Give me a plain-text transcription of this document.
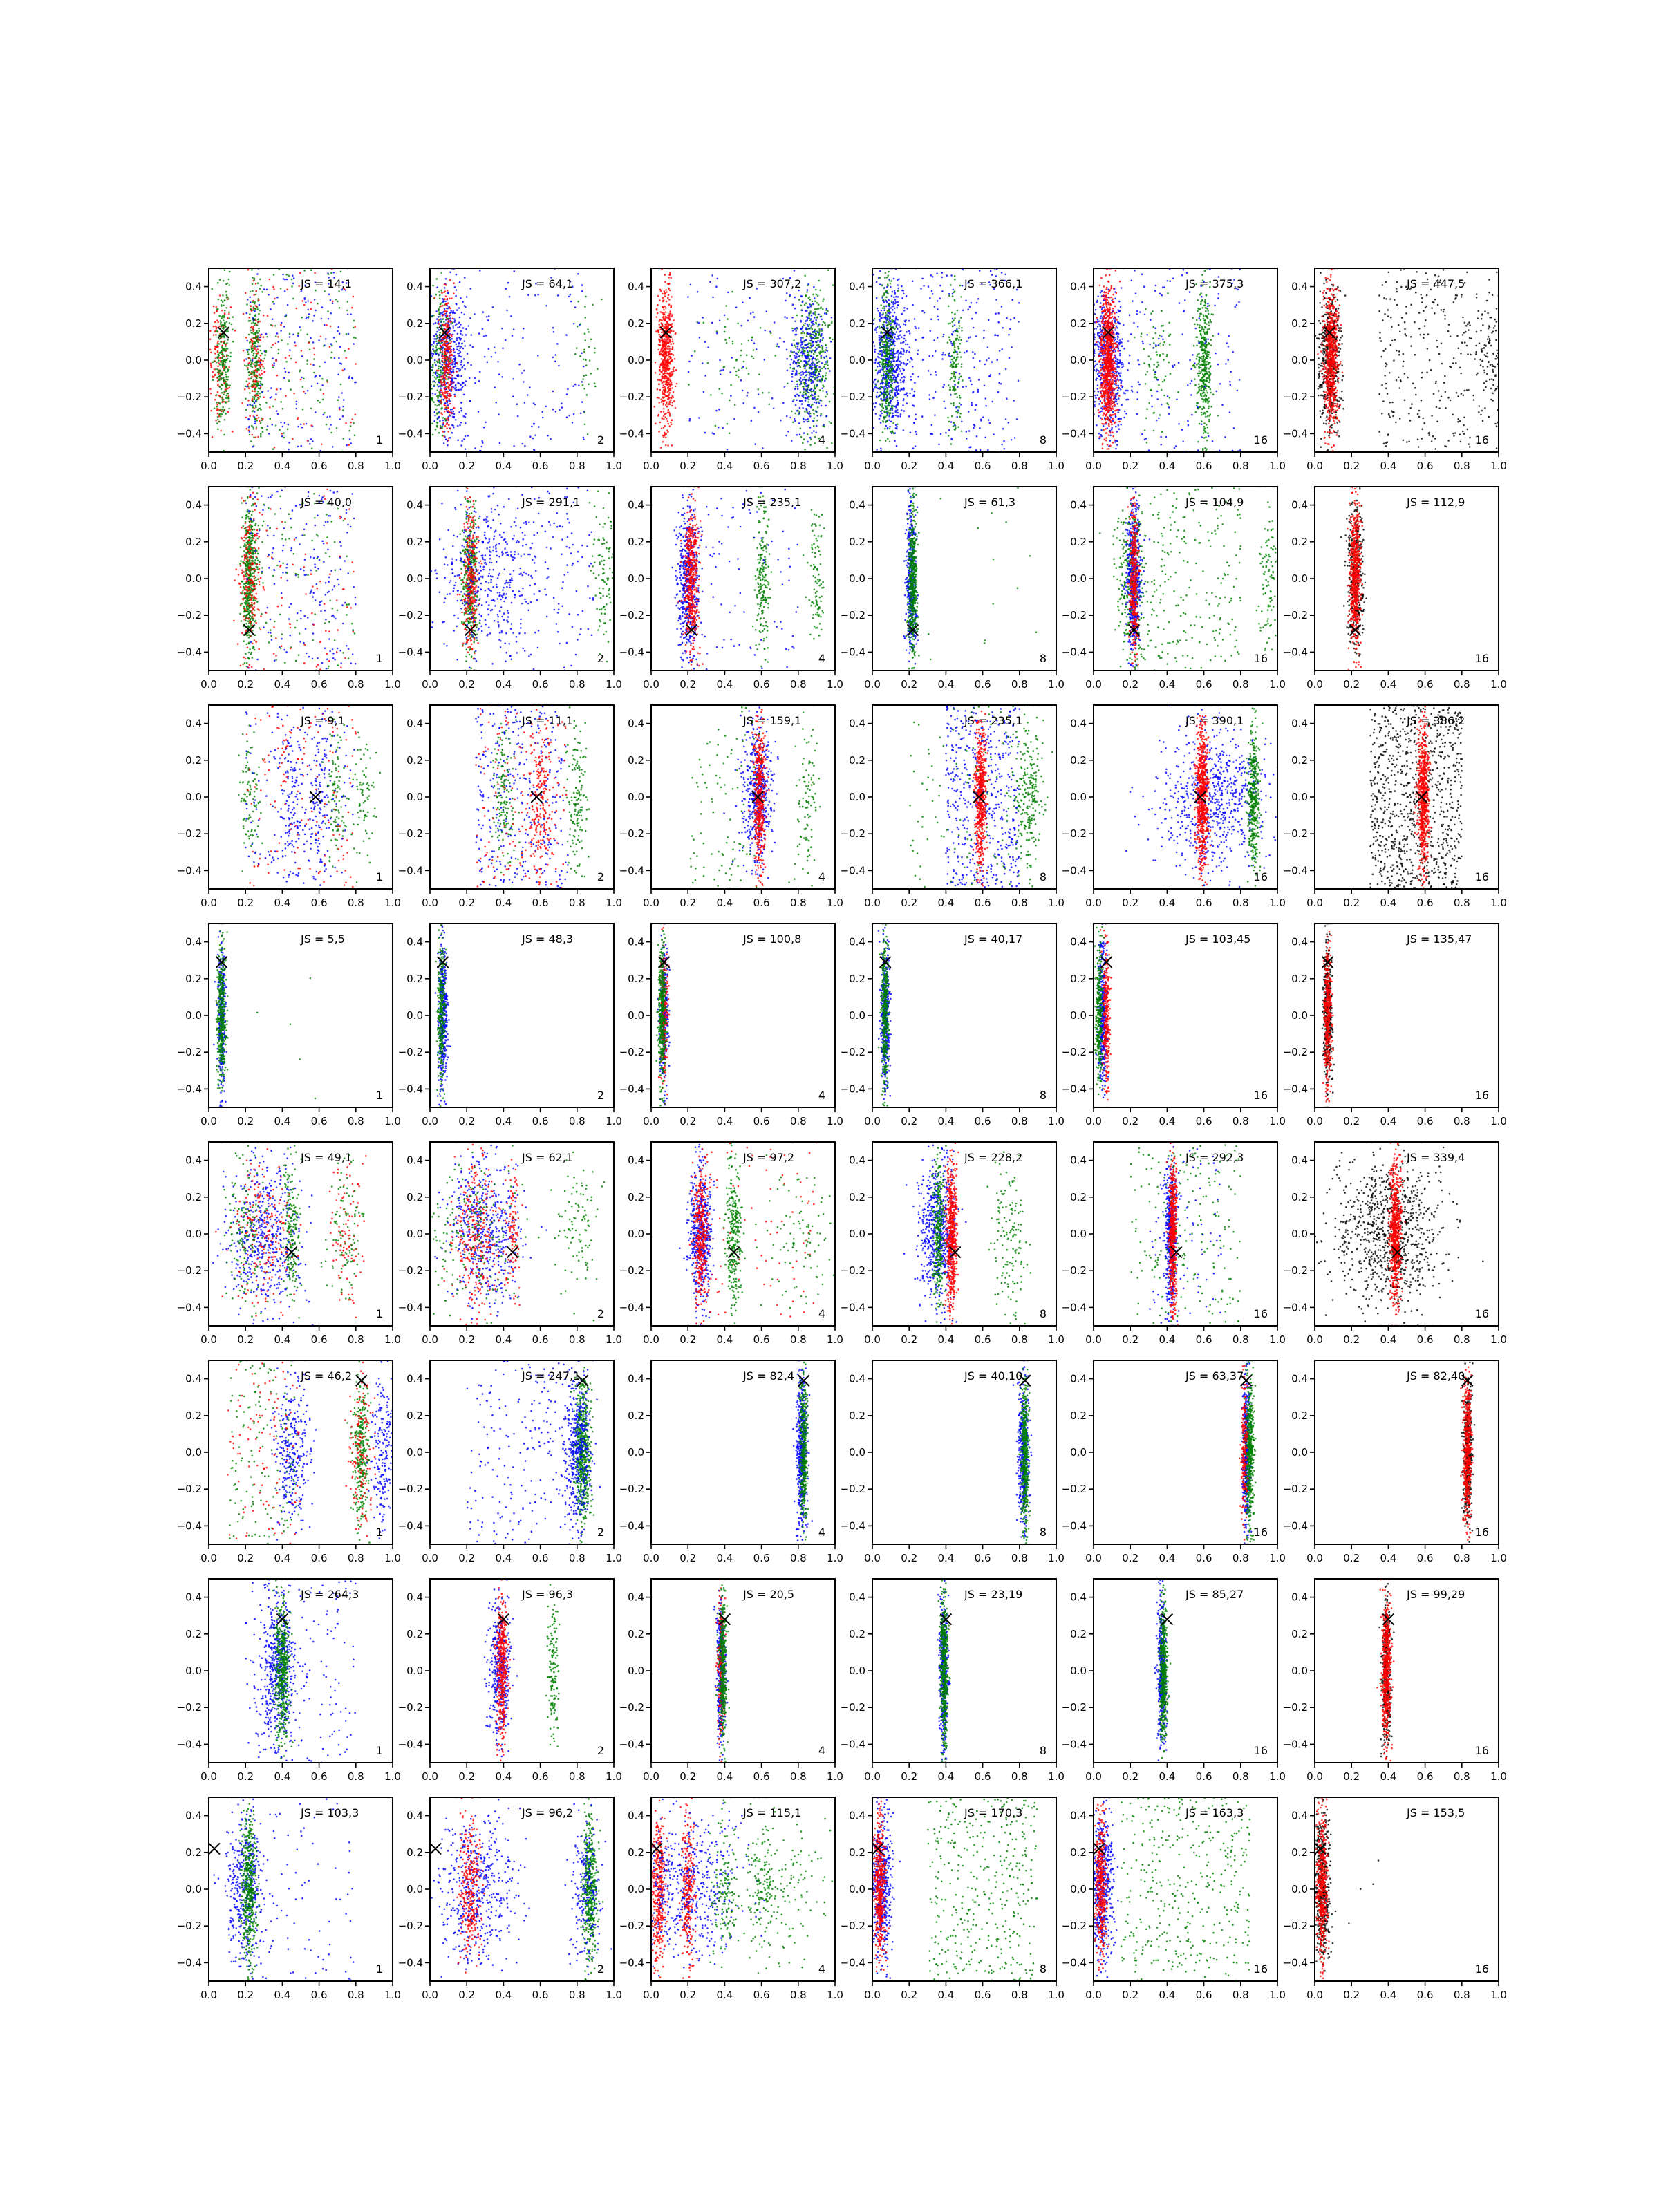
0.0 0.2 0.4 0.6 0.8 1.0
−0.4
−0.2
0.0
0.2
0.4	JS = 14,1
1
0.0 0.2 0.4 0.6 0.8 1.0
−0.4
−0.2
0.0
0.2
0.4	JS = 64,1
2
0.0 0.2 0.4 0.6 0.8 1.0
−0.4
−0.2
0.0
0.2
0.4	JS = 307,2
4
0.0 0.2 0.4 0.6 0.8 1.0
−0.4
−0.2
0.0
0.2
0.4	JS = 366,1
8
0.0 0.2 0.4 0.6 0.8 1.0
−0.4
−0.2
0.0
0.2
0.4	JS = 375,3
16
0.0 0.2 0.4 0.6 0.8 1.0
−0.4
−0.2
0.0
0.2
0.4	JS = 447,5
16
0.0 0.2 0.4 0.6 0.8 1.0
−0.4
−0.2
0.0
0.2
0.4	JS = 40,0
1
0.0 0.2 0.4 0.6 0.8 1.0
−0.4
−0.2
0.0
0.2
0.4	JS = 291,1
2
0.0 0.2 0.4 0.6 0.8 1.0
−0.4
−0.2
0.0
0.2
0.4	JS = 235,1
4
0.0 0.2 0.4 0.6 0.8 1.0
−0.4
−0.2
0.0
0.2
0.4	JS = 61,3
8
0.0 0.2 0.4 0.6 0.8 1.0
−0.4
−0.2
0.0
0.2
0.4	JS = 104,9
16
0.0 0.2 0.4 0.6 0.8 1.0
−0.4
−0.2
0.0
0.2
0.4	JS = 112,9
16
0.0 0.2 0.4 0.6 0.8 1.0
−0.4
−0.2
0.0
0.2
0.4	JS = 9,1
1
0.0 0.2 0.4 0.6 0.8 1.0
−0.4
−0.2
0.0
0.2
0.4	JS = 11,1
2
0.0 0.2 0.4 0.6 0.8 1.0
−0.4
−0.2
0.0
0.2
0.4	JS = 159,1
4
0.0 0.2 0.4 0.6 0.8 1.0
−0.4
−0.2
0.0
0.2
0.4	JS = 235,1
8
0.0 0.2 0.4 0.6 0.8 1.0
−0.4
−0.2
0.0
0.2
0.4	JS = 390,1
16
0.0 0.2 0.4 0.6 0.8 1.0
−0.4
−0.2
0.0
0.2
0.4	JS = 386,2
16
0.0 0.2 0.4 0.6 0.8 1.0
−0.4
−0.2
0.0
0.2
0.4	JS = 5,5
1
0.0 0.2 0.4 0.6 0.8 1.0
−0.4
−0.2
0.0
0.2
0.4	JS = 48,3
2
0.0 0.2 0.4 0.6 0.8 1.0
−0.4
−0.2
0.0
0.2
0.4	JS = 100,8
4
0.0 0.2 0.4 0.6 0.8 1.0
−0.4
−0.2
0.0
0.2
0.4	JS = 40,17
8
0.0 0.2 0.4 0.6 0.8 1.0
−0.4
−0.2
0.0
0.2
0.4	JS = 103,45
16
0.0 0.2 0.4 0.6 0.8 1.0
−0.4
−0.2
0.0
0.2
0.4	JS = 135,47
16
0.0 0.2 0.4 0.6 0.8 1.0
−0.4
−0.2
0.0
0.2
0.4	JS = 49,1
1
0.0 0.2 0.4 0.6 0.8 1.0
−0.4
−0.2
0.0
0.2
0.4	JS = 62,1
2
0.0 0.2 0.4 0.6 0.8 1.0
−0.4
−0.2
0.0
0.2
0.4	JS = 97,2
4
0.0 0.2 0.4 0.6 0.8 1.0
−0.4
−0.2
0.0
0.2
0.4	JS = 228,2
8
0.0 0.2 0.4 0.6 0.8 1.0
−0.4
−0.2
0.0
0.2
0.4	JS = 292,3
16
0.0 0.2 0.4 0.6 0.8 1.0
−0.4
−0.2
0.0
0.2
0.4	JS = 339,4
16
0.0 0.2 0.4 0.6 0.8 1.0
−0.4
−0.2
0.0
0.2
0.4	JS = 46,2
1
0.0 0.2 0.4 0.6 0.8 1.0
−0.4
−0.2
0.0
0.2
0.4	JS = 247,1
2
0.0 0.2 0.4 0.6 0.8 1.0
−0.4
−0.2
0.0
0.2
0.4	JS = 82,4
4
0.0 0.2 0.4 0.6 0.8 1.0
−0.4
−0.2
0.0
0.2
0.4	JS = 40,10
8
0.0 0.2 0.4 0.6 0.8 1.0
−0.4
−0.2
0.0
0.2
0.4	JS = 63,37
16
0.0 0.2 0.4 0.6 0.8 1.0
−0.4
−0.2
0.0
0.2
0.4	JS = 82,40
16
0.0 0.2 0.4 0.6 0.8 1.0
−0.4
−0.2
0.0
0.2
0.4	JS = 264,3
1
0.0 0.2 0.4 0.6 0.8 1.0
−0.4
−0.2
0.0
0.2
0.4	JS = 96,3
2
0.0 0.2 0.4 0.6 0.8 1.0
−0.4
−0.2
0.0
0.2
0.4	JS = 20,5
4
0.0 0.2 0.4 0.6 0.8 1.0
−0.4
−0.2
0.0
0.2
0.4	JS = 23,19
8
0.0 0.2 0.4 0.6 0.8 1.0
−0.4
−0.2
0.0
0.2
0.4	JS = 85,27
16
0.0 0.2 0.4 0.6 0.8 1.0
−0.4
−0.2
0.0
0.2
0.4	JS = 99,29
16
0.0 0.2 0.4 0.6 0.8 1.0
−0.4
−0.2
0.0
0.2
0.4	JS = 103,3
1
0.0 0.2 0.4 0.6 0.8 1.0
−0.4
−0.2
0.0
0.2
0.4	JS = 96,2
2
0.0 0.2 0.4 0.6 0.8 1.0
−0.4
−0.2
0.0
0.2
0.4	JS = 115,1
4
0.0 0.2 0.4 0.6 0.8 1.0
−0.4
−0.2
0.0
0.2
0.4	JS = 170,3
8
0.0 0.2 0.4 0.6 0.8 1.0
−0.4
−0.2
0.0
0.2
0.4	JS = 163,3
16
0.0 0.2 0.4 0.6 0.8 1.0
−0.4
−0.2
0.0
0.2
0.4	JS = 153,5
16
